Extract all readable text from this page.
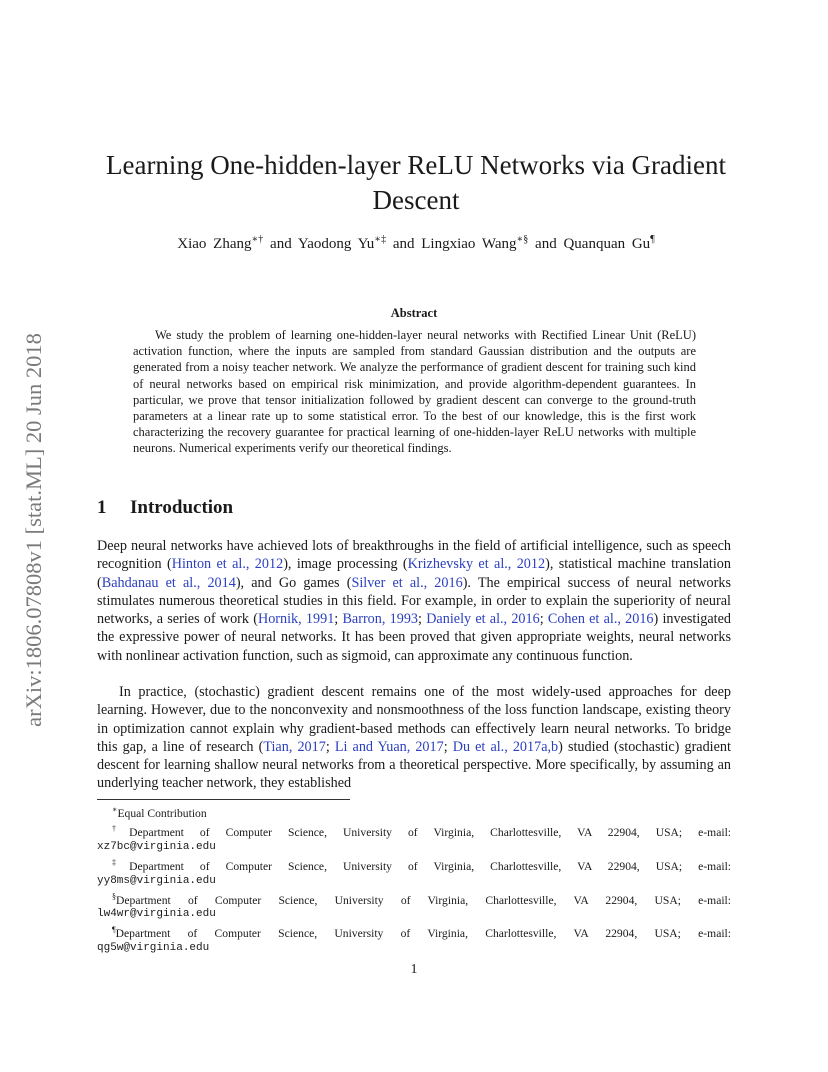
arXiv:1806.07808v1 [stat.ML] 20 Jun 2018
Learning One-hidden-layer ReLU Networks via Gradient Descent
Xiao Zhang∗† and Yaodong Yu∗‡ and Lingxiao Wang∗§ and Quanquan Gu¶
Abstract
We study the problem of learning one-hidden-layer neural networks with Rectified Linear Unit (ReLU) activation function, where the inputs are sampled from standard Gaussian distribution and the outputs are generated from a noisy teacher network. We analyze the performance of gradient descent for training such kind of neural networks based on empirical risk minimization, and provide algorithm-dependent guarantees. In particular, we prove that tensor initialization followed by gradient descent can converge to the ground-truth parameters at a linear rate up to some statistical error. To the best of our knowledge, this is the first work characterizing the recovery guarantee for practical learning of one-hidden-layer ReLU networks with multiple neurons. Numerical experiments verify our theoretical findings.
1 Introduction
Deep neural networks have achieved lots of breakthroughs in the field of artificial intelligence, such as speech recognition (Hinton et al., 2012), image processing (Krizhevsky et al., 2012), statistical machine translation (Bahdanau et al., 2014), and Go games (Silver et al., 2016). The empirical success of neural networks stimulates numerous theoretical studies in this field. For example, in order to explain the superiority of neural networks, a series of work (Hornik, 1991; Barron, 1993; Daniely et al., 2016; Cohen et al., 2016) investigated the expressive power of neural networks. It has been proved that given appropriate weights, neural networks with nonlinear activation function, such as sigmoid, can approximate any continuous function.
In practice, (stochastic) gradient descent remains one of the most widely-used approaches for deep learning. However, due to the nonconvexity and nonsmoothness of the loss function landscape, existing theory in optimization cannot explain why gradient-based methods can effectively learn neural networks. To bridge this gap, a line of research (Tian, 2017; Li and Yuan, 2017; Du et al., 2017a,b) studied (stochastic) gradient descent for learning shallow neural networks from a theoretical perspective. More specifically, by assuming an underlying teacher network, they established
∗Equal Contribution
†Department of Computer Science, University of Virginia, Charlottesville, VA 22904, USA; e-mail:
xz7bc@virginia.edu
‡Department of Computer Science, University of Virginia, Charlottesville, VA 22904, USA; e-mail:
yy8ms@virginia.edu
§Department of Computer Science, University of Virginia, Charlottesville, VA 22904, USA; e-mail:
lw4wr@virginia.edu
¶Department of Computer Science, University of Virginia, Charlottesville, VA 22904, USA; e-mail:
qg5w@virginia.edu
1
